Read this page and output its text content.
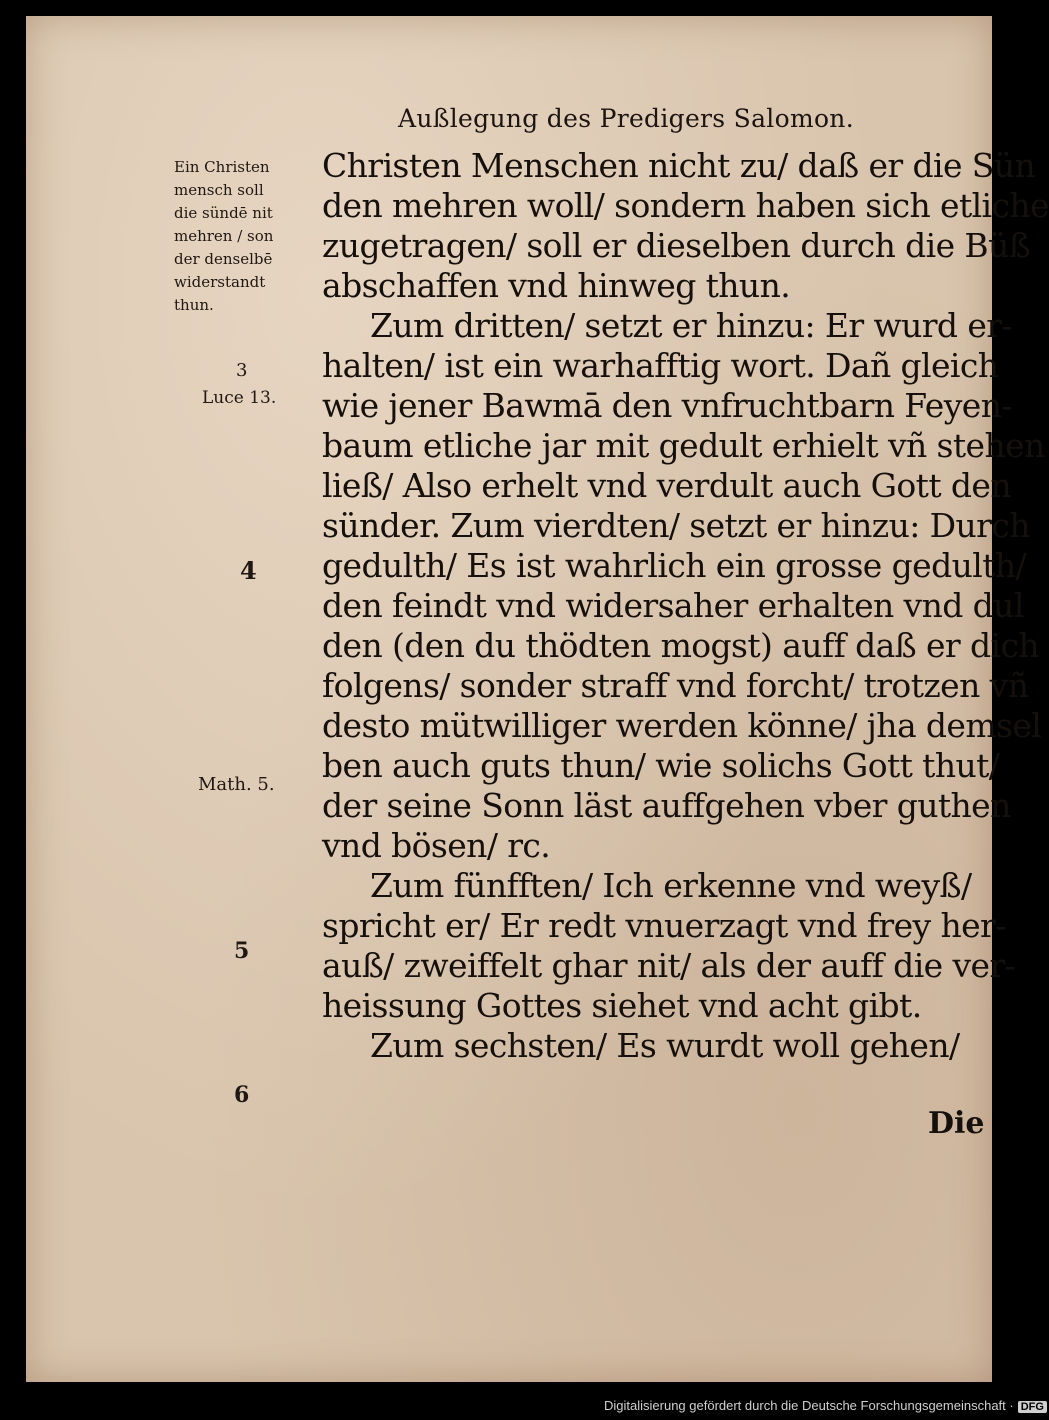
Außlegung des Predigers Salomon.
Christen Menschen nicht zu/ daß er die Sün
den mehren woll/ sondern haben sich etliche
zugetragen/ soll er dieselben durch die Büß
abschaffen vnd hinweg thun.
Zum dritten/ setzt er hinzu: Er wurd er-
halten/ ist ein warhafftig wort. Dañ gleich
wie jener Bawmā den vnfruchtbarn Feyen-
baum etliche jar mit gedult erhielt vñ stehen
ließ/ Also erhelt vnd verdult auch Gott den
sünder. Zum vierdten/ setzt er hinzu: Durch
gedulth/ Es ist wahrlich ein grosse gedulth/
den feindt vnd widersaher erhalten vnd dul
den (den du thödten mogst) auff daß er dich
folgens/ sonder straff vnd forcht/ trotzen vñ
desto mütwilliger werden könne/ jha demsel
ben auch guts thun/ wie solichs Gott thut/
der seine Sonn läst auffgehen vber guthen
vnd bösen/ rc.
Zum fünfften/ Ich erkenne vnd weyß/
spricht er/ Er redt vnuerzagt vnd frey her-
auß/ zweiffelt ghar nit/ als der auff die ver-
heissung Gottes siehet vnd acht gibt.
Zum sechsten/ Es wurdt woll gehen/
Ein Christen
mensch soll
die sündē nit
mehren / son
der denselbē
widerstandt
thun.
3
Luce 13.
4
Math. 5.
5
6
Die
Digitalisierung gefördert durch die Deutsche Forschungsgemeinschaft · DFG
